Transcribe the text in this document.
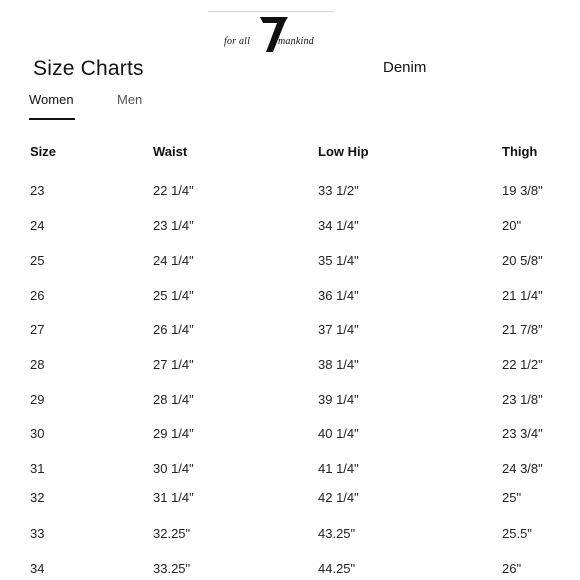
for all	mankind
Size Charts	Denim
Women	Men
Size	Waist	Low Hip	Thigh
23	22 1/4"	33 1/2"	19 3/8"
24	23 1/4"	34 1/4"	20"
25	24 1/4"	35 1/4"	20 5/8"
26	25 1/4"	36 1/4"	21 1/4"
27	26 1/4"	37 1/4"	21 7/8"
28	27 1/4"	38 1/4"	22 1/2"
29	28 1/4"	39 1/4"	23 1/8"
30	29 1/4"	40 1/4"	23 3/4"
31	30 1/4"	41 1/4"	24 3/8"
32	31 1/4"	42 1/4"	25"
33	32.25"	43.25"	25.5"
34	33.25"	44.25"	26"
